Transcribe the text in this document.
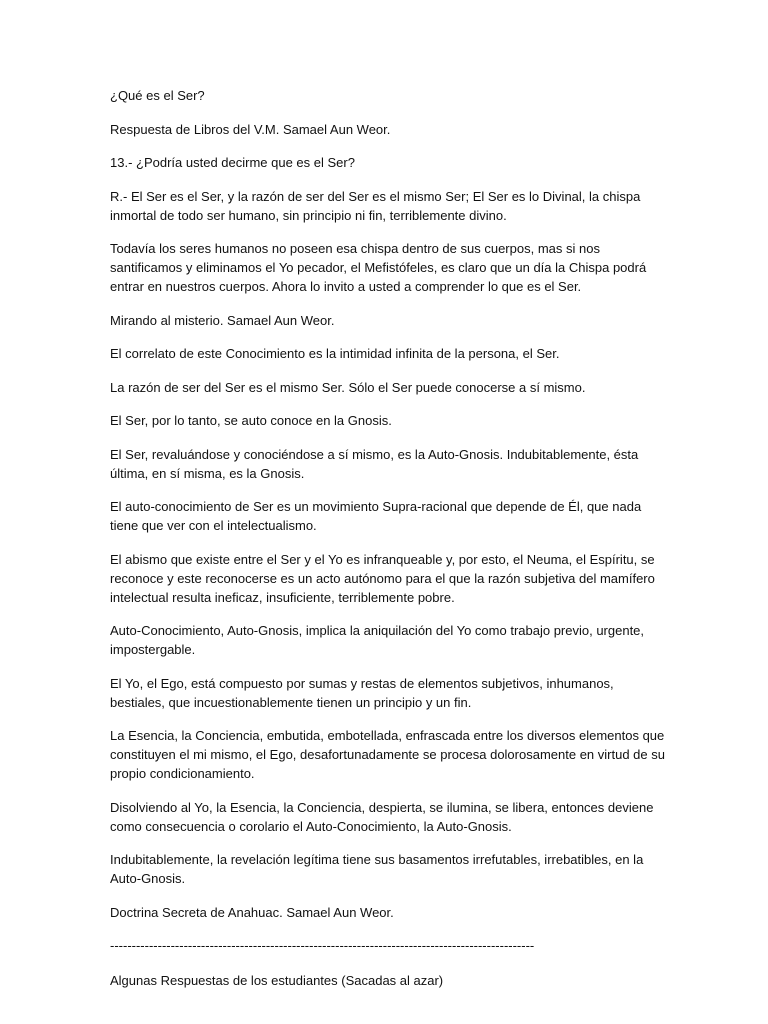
¿Qué es el Ser?

Respuesta de Libros del V.M. Samael Aun Weor.

13.- ¿Podría usted decirme que es el Ser?

R.- El Ser es el Ser, y la razón de ser del Ser es el mismo Ser; El Ser es lo Divinal, la chispa inmortal de todo ser humano, sin principio ni fin, terriblemente divino.

Todavía los seres humanos no poseen esa chispa dentro de sus cuerpos, mas si nos santificamos y eliminamos el Yo pecador, el Mefistófeles, es claro que un día la Chispa podrá entrar en nuestros cuerpos. Ahora lo invito a usted a comprender lo que es el Ser.

Mirando al misterio. Samael Aun Weor.

El correlato de este Conocimiento es la intimidad infinita de la persona, el Ser.

La razón de ser del Ser es el mismo Ser. Sólo el Ser puede conocerse a sí mismo.

El Ser, por lo tanto, se auto conoce en la Gnosis.

El Ser, revaluándose y conociéndose a sí mismo, es la Auto-Gnosis. Indubitablemente, ésta última, en sí misma, es la Gnosis.

El auto-conocimiento de Ser es un movimiento Supra-racional que depende de Él, que nada tiene que ver con el intelectualismo.

El abismo que existe entre el Ser y el Yo es infranqueable y, por esto, el Neuma, el Espíritu, se reconoce y este reconocerse es un acto autónomo para el que la razón subjetiva del mamífero intelectual resulta ineficaz, insuficiente, terriblemente pobre.

Auto-Conocimiento, Auto-Gnosis, implica la aniquilación del Yo como trabajo previo, urgente, impostergable.

El Yo, el Ego, está compuesto por sumas y restas de elementos subjetivos, inhumanos, bestiales, que incuestionablemente tienen un principio y un fin.

La Esencia, la Conciencia, embutida, embotellada, enfrascada entre los diversos elementos que constituyen el mi mismo, el Ego, desafortunadamente se procesa dolorosamente en virtud de su propio condicionamiento.

Disolviendo al Yo, la Esencia, la Conciencia, despierta, se ilumina, se libera, entonces deviene como consecuencia o corolario el Auto-Conocimiento, la Auto-Gnosis.

Indubitablemente, la revelación legítima tiene sus basamentos irrefutables, irrebatibles, en la Auto-Gnosis.

Doctrina Secreta de Anahuac. Samael Aun Weor.

--------------------------------------------------------------------------------------------------

Algunas Respuestas de los estudiantes (Sacadas al azar)
